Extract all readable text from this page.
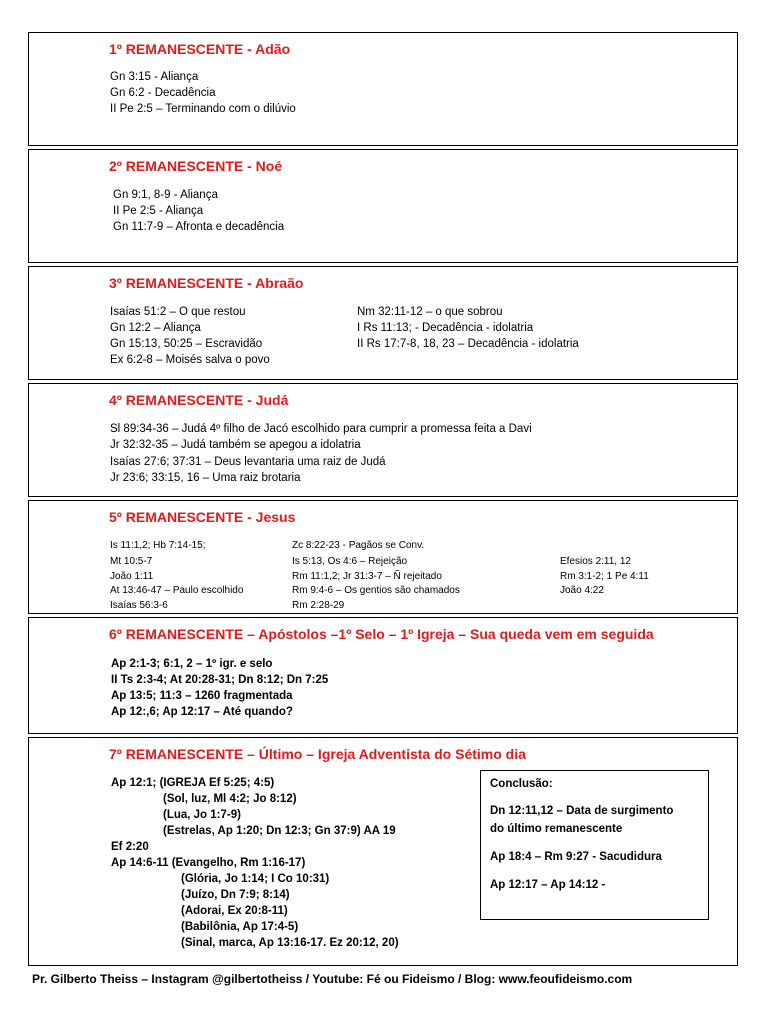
1º REMANESCENTE - Adão
Gn 3:15 - Aliança
Gn 6:2 - Decadência
II Pe 2:5 – Terminando com o dilúvio
2º REMANESCENTE - Noé
Gn 9:1, 8-9 - Aliança
II Pe 2:5 - Aliança
Gn 11:7-9 – Afronta e decadência
3º REMANESCENTE - Abraão
Isaías 51:2 – O que restou
Gn 12:2 – Aliança
Gn 15:13, 50:25 – Escravidão
Ex 6:2-8 – Moisés salva o povo
Nm 32:11-12 – o que sobrou
I Rs 11:13; - Decadência - idolatria
II Rs 17:7-8, 18, 23 – Decadência - idolatria
4º REMANESCENTE - Judá
Sl 89:34-36 – Judá 4º filho de Jacó escolhido para cumprir a promessa feita a Davi
Jr 32:32-35 – Judá também se apegou a idolatria
Isaías 27:6; 37:31 – Deus levantaria uma raiz de Judá
Jr 23:6; 33:15, 16 – Uma raiz brotaria
5º REMANESCENTE - Jesus
Is 11:1,2; Hb 7:14-15;
Mt 10:5-7
João 1:11
At 13:46-47 – Paulo escolhido
Isaías 56:3-6
Zc 8:22-23 - Pagãos se Conv.
Is 5:13, Os 4:6 – Rejeição
Rm 11:1,2; Jr 31:3-7 – Ñ rejeitado
Rm 9:4-6 – Os gentios são chamados
Rm 2:28-29
Efesios 2:11, 12
Rm 3:1-2; 1 Pe 4:11
João 4:22
6º REMANESCENTE – Apóstolos –1º Selo – 1º Igreja – Sua queda vem em seguida
Ap 2:1-3; 6:1, 2 – 1º igr. e selo
II Ts 2:3-4; At 20:28-31; Dn 8:12; Dn 7:25
Ap 13:5; 11:3 – 1260 fragmentada
Ap 12:,6; Ap 12:17 – Até quando?
7º REMANESCENTE – Último – Igreja Adventista do Sétimo dia
Ap 12:1; (IGREJA Ef 5:25; 4:5)
(Sol, luz, Ml 4:2; Jo 8:12)
(Lua, Jo 1:7-9)
(Estrelas, Ap 1:20; Dn 12:3; Gn 37:9) AA 19
Ef 2:20
Ap 14:6-11 (Evangelho, Rm 1:16-17)
(Glória, Jo 1:14; I Co 10:31)
(Juízo, Dn 7:9; 8:14)
(Adorai, Ex 20:8-11)
(Babilônia, Ap 17:4-5)
(Sinal, marca, Ap 13:16-17. Ez 20:12, 20)
Conclusão:
Dn 12:11,12 – Data de surgimento
do último remanescente
Ap 18:4 – Rm 9:27 - Sacudidura
Ap 12:17 – Ap 14:12 -
Pr. Gilberto Theiss – Instagram @gilbertotheiss / Youtube: Fé ou Fideismo / Blog: www.feoufideismo.com
